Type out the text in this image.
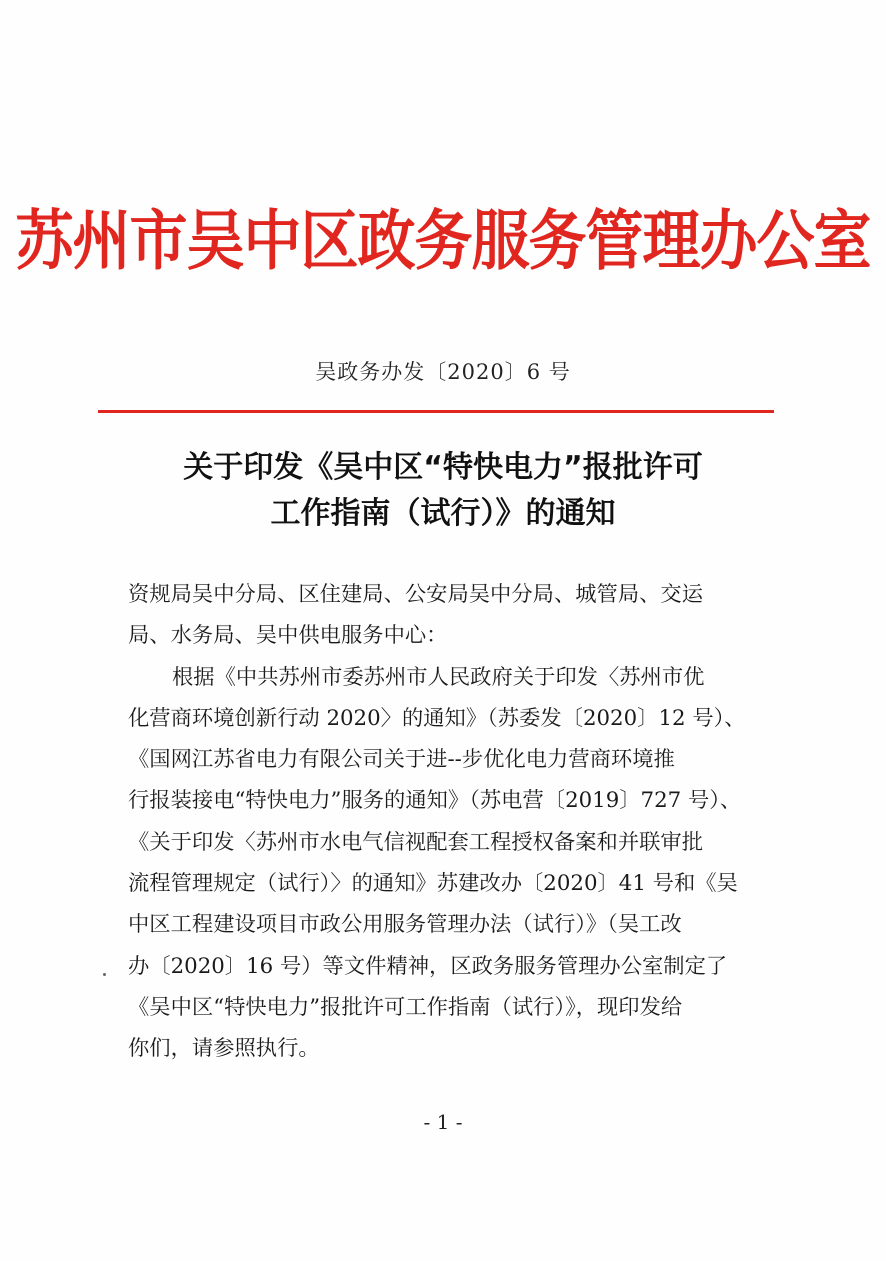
苏州市吴中区政务服务管理办公室
吴政务办发〔2020〕6 号
关于印发《吴中区“特快电力”报批许可
工作指南（试行）》的通知
资规局吴中分局、区住建局、公安局吴中分局、城管局、交运
局、水务局、吴中供电服务中心：
根据《中共苏州市委苏州市人民政府关于印发〈苏州市优
化营商环境创新行动 2020〉的通知》（苏委发〔2020〕12 号）、
《国网江苏省电力有限公司关于进--步优化电力营商环境推
行报装接电“特快电力”服务的通知》（苏电营〔2019〕727 号）、
《关于印发〈苏州市水电气信视配套工程授权备案和并联审批
流程管理规定（试行）〉的通知》苏建改办〔2020〕41 号和《吴
中区工程建设项目市政公用服务管理办法（试行）》（吴工改
办〔2020〕16 号）等文件精神，区政务服务管理办公室制定了
《吴中区“特快电力”报批许可工作指南（试行）》，现印发给
你们，请参照执行。
- 1 -
